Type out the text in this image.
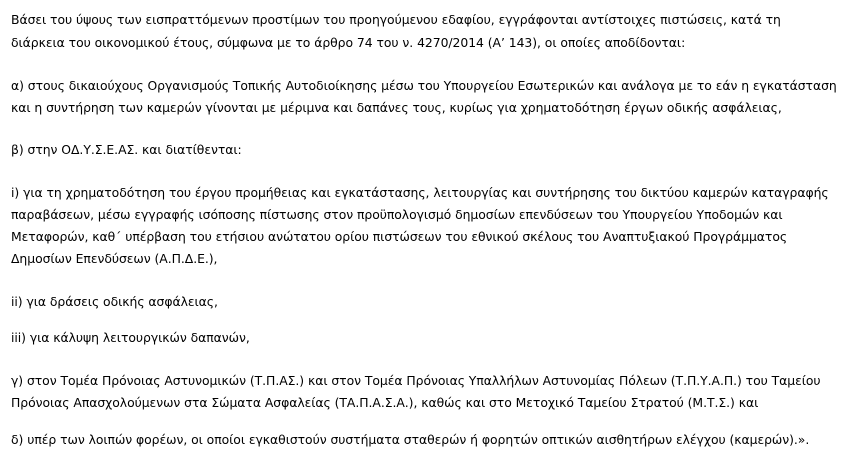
Βάσει του ύψους των εισπραττόμενων προστίμων του προηγούμενου εδαφίου, εγγράφονται αντίστοιχες πιστώσεις, κατά τη
διάρκεια του οικονομικού έτους, σύμφωνα με το άρθρο 74 του ν. 4270/2014 (Α’ 143), οι οποίες αποδίδονται:
α) στους δικαιούχους Οργανισμούς Τοπικής Αυτοδιοίκησης μέσω του Υπουργείου Εσωτερικών και ανάλογα με το εάν η εγκατάσταση
και η συντήρηση των καμερών γίνονται με μέριμνα και δαπάνες τους, κυρίως για χρηματοδότηση έργων οδικής ασφάλειας,
β) στην ΟΔ.Υ.Σ.Ε.ΑΣ. και διατίθενται:
i) για τη χρηματοδότηση του έργου προμήθειας και εγκατάστασης, λειτουργίας και συντήρησης του δικτύου καμερών καταγραφής
παραβάσεων, μέσω εγγραφής ισόποσης πίστωσης στον προϋπολογισμό δημοσίων επενδύσεων του Υπουργείου Υποδομών και
Μεταφορών, καθ΄ υπέρβαση του ετήσιου ανώτατου ορίου πιστώσεων του εθνικού σκέλους του Αναπτυξιακού Προγράμματος
Δημοσίων Επενδύσεων (Α.Π.Δ.Ε.),
ii) για δράσεις οδικής ασφάλειας,
iii) για κάλυψη λειτουργικών δαπανών,
γ) στον Τομέα Πρόνοιας Αστυνομικών (Τ.Π.ΑΣ.) και στον Τομέα Πρόνοιας Υπαλλήλων Αστυνομίας Πόλεων (Τ.Π.Υ.Α.Π.) του Ταμείου
Πρόνοιας Απασχολούμενων στα Σώματα Ασφαλείας (ΤΑ.Π.Α.Σ.Α.), καθώς και στο Μετοχικό Ταμείου Στρατού (Μ.Τ.Σ.) και
δ) υπέρ των λοιπών φορέων, οι οποίοι εγκαθιστούν συστήματα σταθερών ή φορητών οπτικών αισθητήρων ελέγχου (καμερών).».
